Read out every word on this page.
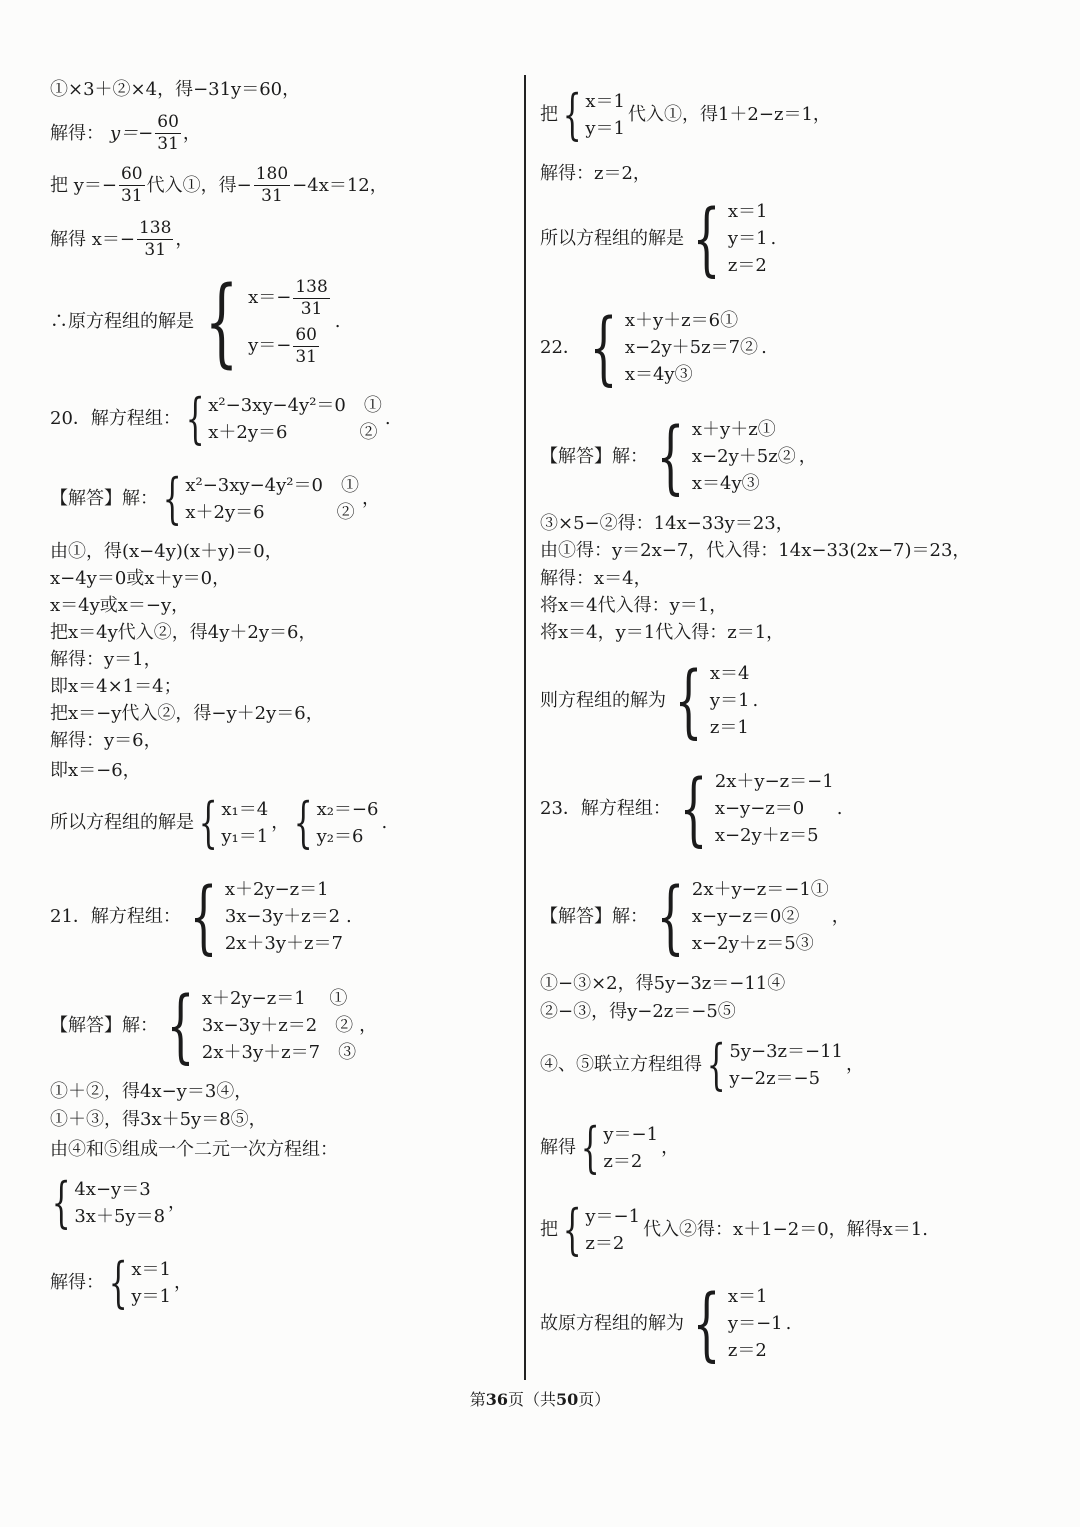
①×3＋②×4，得−31y＝60，
解得： $y=- \frac{60}{31}$ ，
把 $y=- \frac{60}{31}$ 代入①，得− $\frac{180}{31} -4x=12$，
解得 $x=- \frac{138}{31}$ ，
∴原方程组的解是 { $x=- \frac{138}{31}$
$y=- \frac{60}{31}$
.
20．解方程组： { x²−3xy−4y²＝0　①
x＋2y＝6　　　　②
.
【解答】解： { x²−3xy−4y²＝0　①
x＋2y＝6　　　　②
，
由①，得(x−4y)(x＋y)＝0，
x−4y＝0或x＋y＝0，
x＝4y或x＝−y，
把x＝4y代入②，得4y＋2y＝6，
解得：y＝1，
即x＝4×1＝4；
把x＝−y代入②，得−y＋2y＝6，
解得：y＝6，
即x＝−6，
所以方程组的解是 { x₁＝4
y₁＝1
， { x₂＝−6
y₂＝6
.
21．解方程组： { x＋2y−z＝1
3x−3y＋z＝2
2x＋3y＋z＝7
.
【解答】解： { x＋2y−z＝1　 ①
3x−3y＋z＝2　②
2x＋3y＋z＝7　③
，
①＋②，得4x−y＝3④，
①＋③，得3x＋5y＝8⑤，
由④和⑤组成一个二元一次方程组：
{ 4x−y＝3
3x＋5y＝8
，
解得： { x＝1
y＝1
，
把 { x＝1
y＝1
代入①，得1＋2−z＝1，
解得：z＝2，
所以方程组的解是 { x＝1
y＝1
z＝2
.
22． { x＋y＋z＝6①
x−2y＋5z＝7②
x＝4y③
.
【解答】解： { x＋y＋z①
x−2y＋5z②
x＝4y③
，
③×5−②得：14x−33y＝23，
由①得：y＝2x−7，代入得：14x−33(2x−7)＝23，
解得：x＝4，
将x＝4代入得：y＝1，
将x＝4，y＝1代入得：z＝1，
则方程组的解为 { x＝4
y＝1
z＝1
.
23．解方程组： { 2x＋y−z＝−1
x−y−z＝0
x−2y＋z＝5
.
【解答】解： { 2x＋y−z＝−1①
x−y−z＝0②
x−2y＋z＝5③
，
①−③×2，得5y−3z＝−11④
②−③，得y−2z＝−5⑤
④、⑤联立方程组得 { 5y−3z＝−11
y−2z＝−5
，
解得 { y＝−1
z＝2
，
把 { y＝−1
z＝2
代入②得：x＋1−2＝0，解得x＝1.
故原方程组的解为 { x＝1
y＝−1
z＝2
.
第36页（共50页）
